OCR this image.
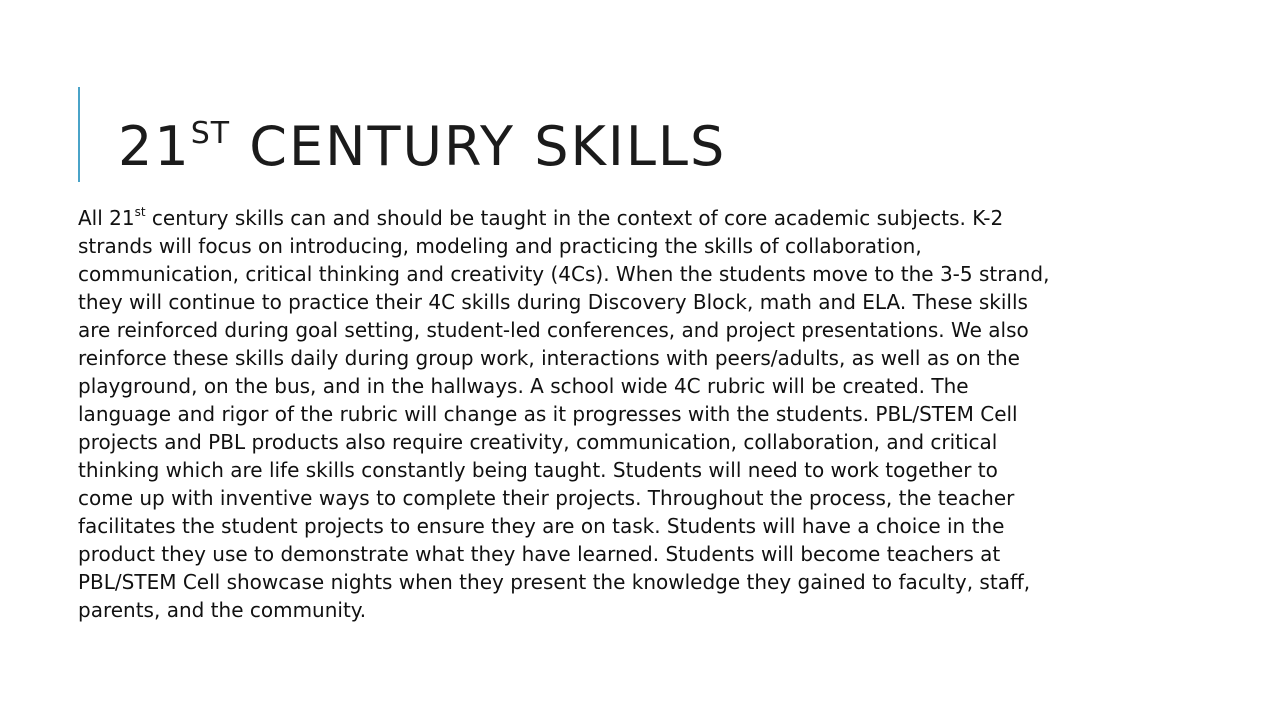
21ST CENTURY SKILLS

All 21st century skills can and should be taught in the context of core academic subjects. K-2
strands will focus on introducing, modeling and practicing the skills of collaboration,
communication, critical thinking and creativity (4Cs). When the students move to the 3-5 strand,
they will continue to practice their 4C skills during Discovery Block, math and ELA. These skills
are reinforced during goal setting, student-led conferences, and project presentations. We also
reinforce these skills daily during group work, interactions with peers/adults, as well as on the
playground, on the bus, and in the hallways. A school wide 4C rubric will be created. The
language and rigor of the rubric will change as it progresses with the students. PBL/STEM Cell
projects and PBL products also require creativity, communication, collaboration, and critical
thinking which are life skills constantly being taught. Students will need to work together to
come up with inventive ways to complete their projects. Throughout the process, the teacher
facilitates the student projects to ensure they are on task. Students will have a choice in the
product they use to demonstrate what they have learned. Students will become teachers at
PBL/STEM Cell showcase nights when they present the knowledge they gained to faculty, staff,
parents, and the community.
